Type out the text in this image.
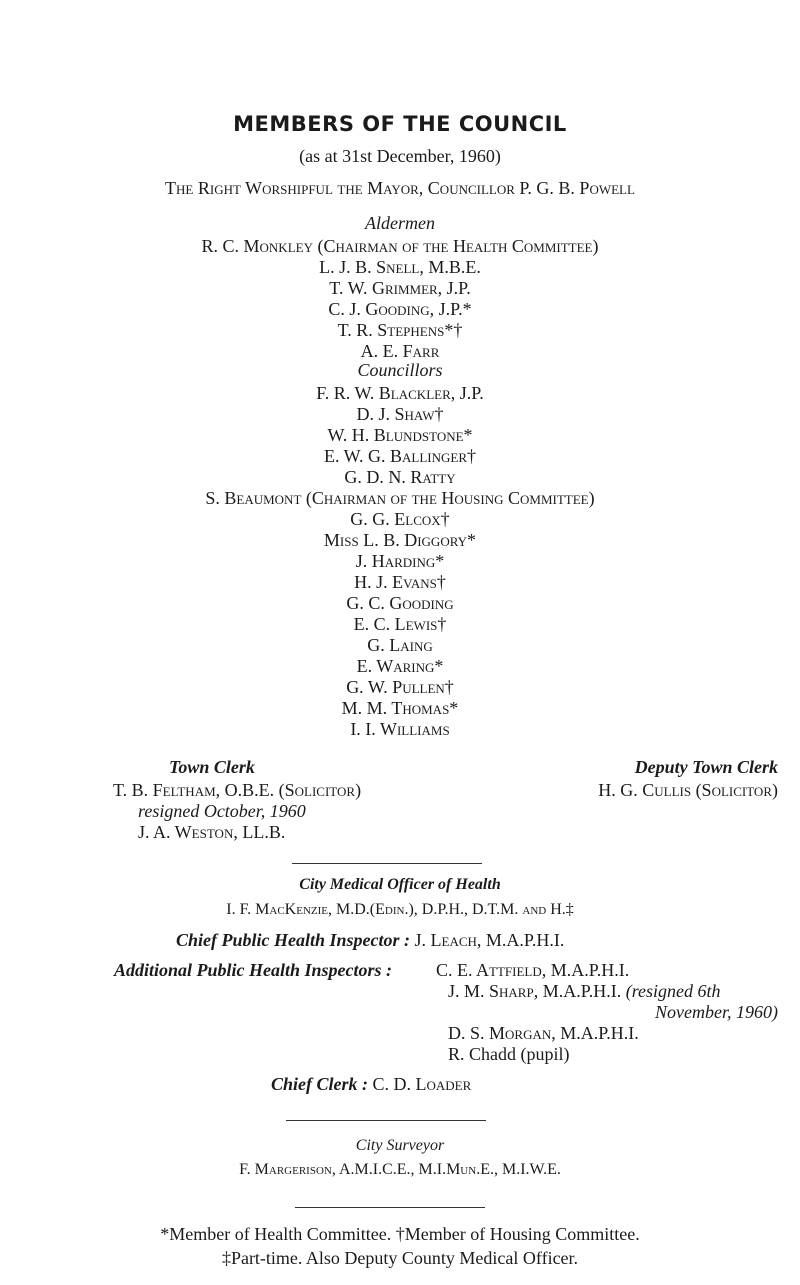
MEMBERS OF THE COUNCIL
(as at 31st December, 1960)
The Right Worshipful the Mayor, Councillor P. G. B. Powell
Aldermen
R. C. Monkley (Chairman of the Health Committee)
L. J. B. Snell, M.B.E.
T. W. Grimmer, J.P.
C. J. Gooding, J.P.*
T. R. Stephens*†
A. E. Farr
Councillors
F. R. W. Blackler, J.P.
D. J. Shaw†
W. H. Blundstone*
E. W. G. Ballinger†
G. D. N. Ratty
S. Beaumont (Chairman of the Housing Committee)
G. G. Elcox†
Miss L. B. Diggory*
J. Harding*
H. J. Evans†
G. C. Gooding
E. C. Lewis†
G. Laing
E. Waring*
G. W. Pullen†
M. M. Thomas*
I. I. Williams
Town Clerk	Deputy Town Clerk
T. B. Feltham, O.B.E. (Solicitor)	H. G. Cullis (Solicitor)
resigned October, 1960
J. A. Weston, LL.B.
City Medical Officer of Health
I. F. MacKenzie, M.D.(Edin.), D.P.H., D.T.M. and H.‡
Chief Public Health Inspector : J. Leach, M.A.P.H.I.
Additional Public Health Inspectors : C. E. Attfield, M.A.P.H.I.
J. M. Sharp, M.A.P.H.I. (resigned 6th
November, 1960)
D. S. Morgan, M.A.P.H.I.
R. Chadd (pupil)
Chief Clerk : C. D. Loader
City Surveyor
F. Margerison, A.M.I.C.E., M.I.Mun.E., M.I.W.E.
*Member of Health Committee. †Member of Housing Committee.
‡Part-time. Also Deputy County Medical Officer.
